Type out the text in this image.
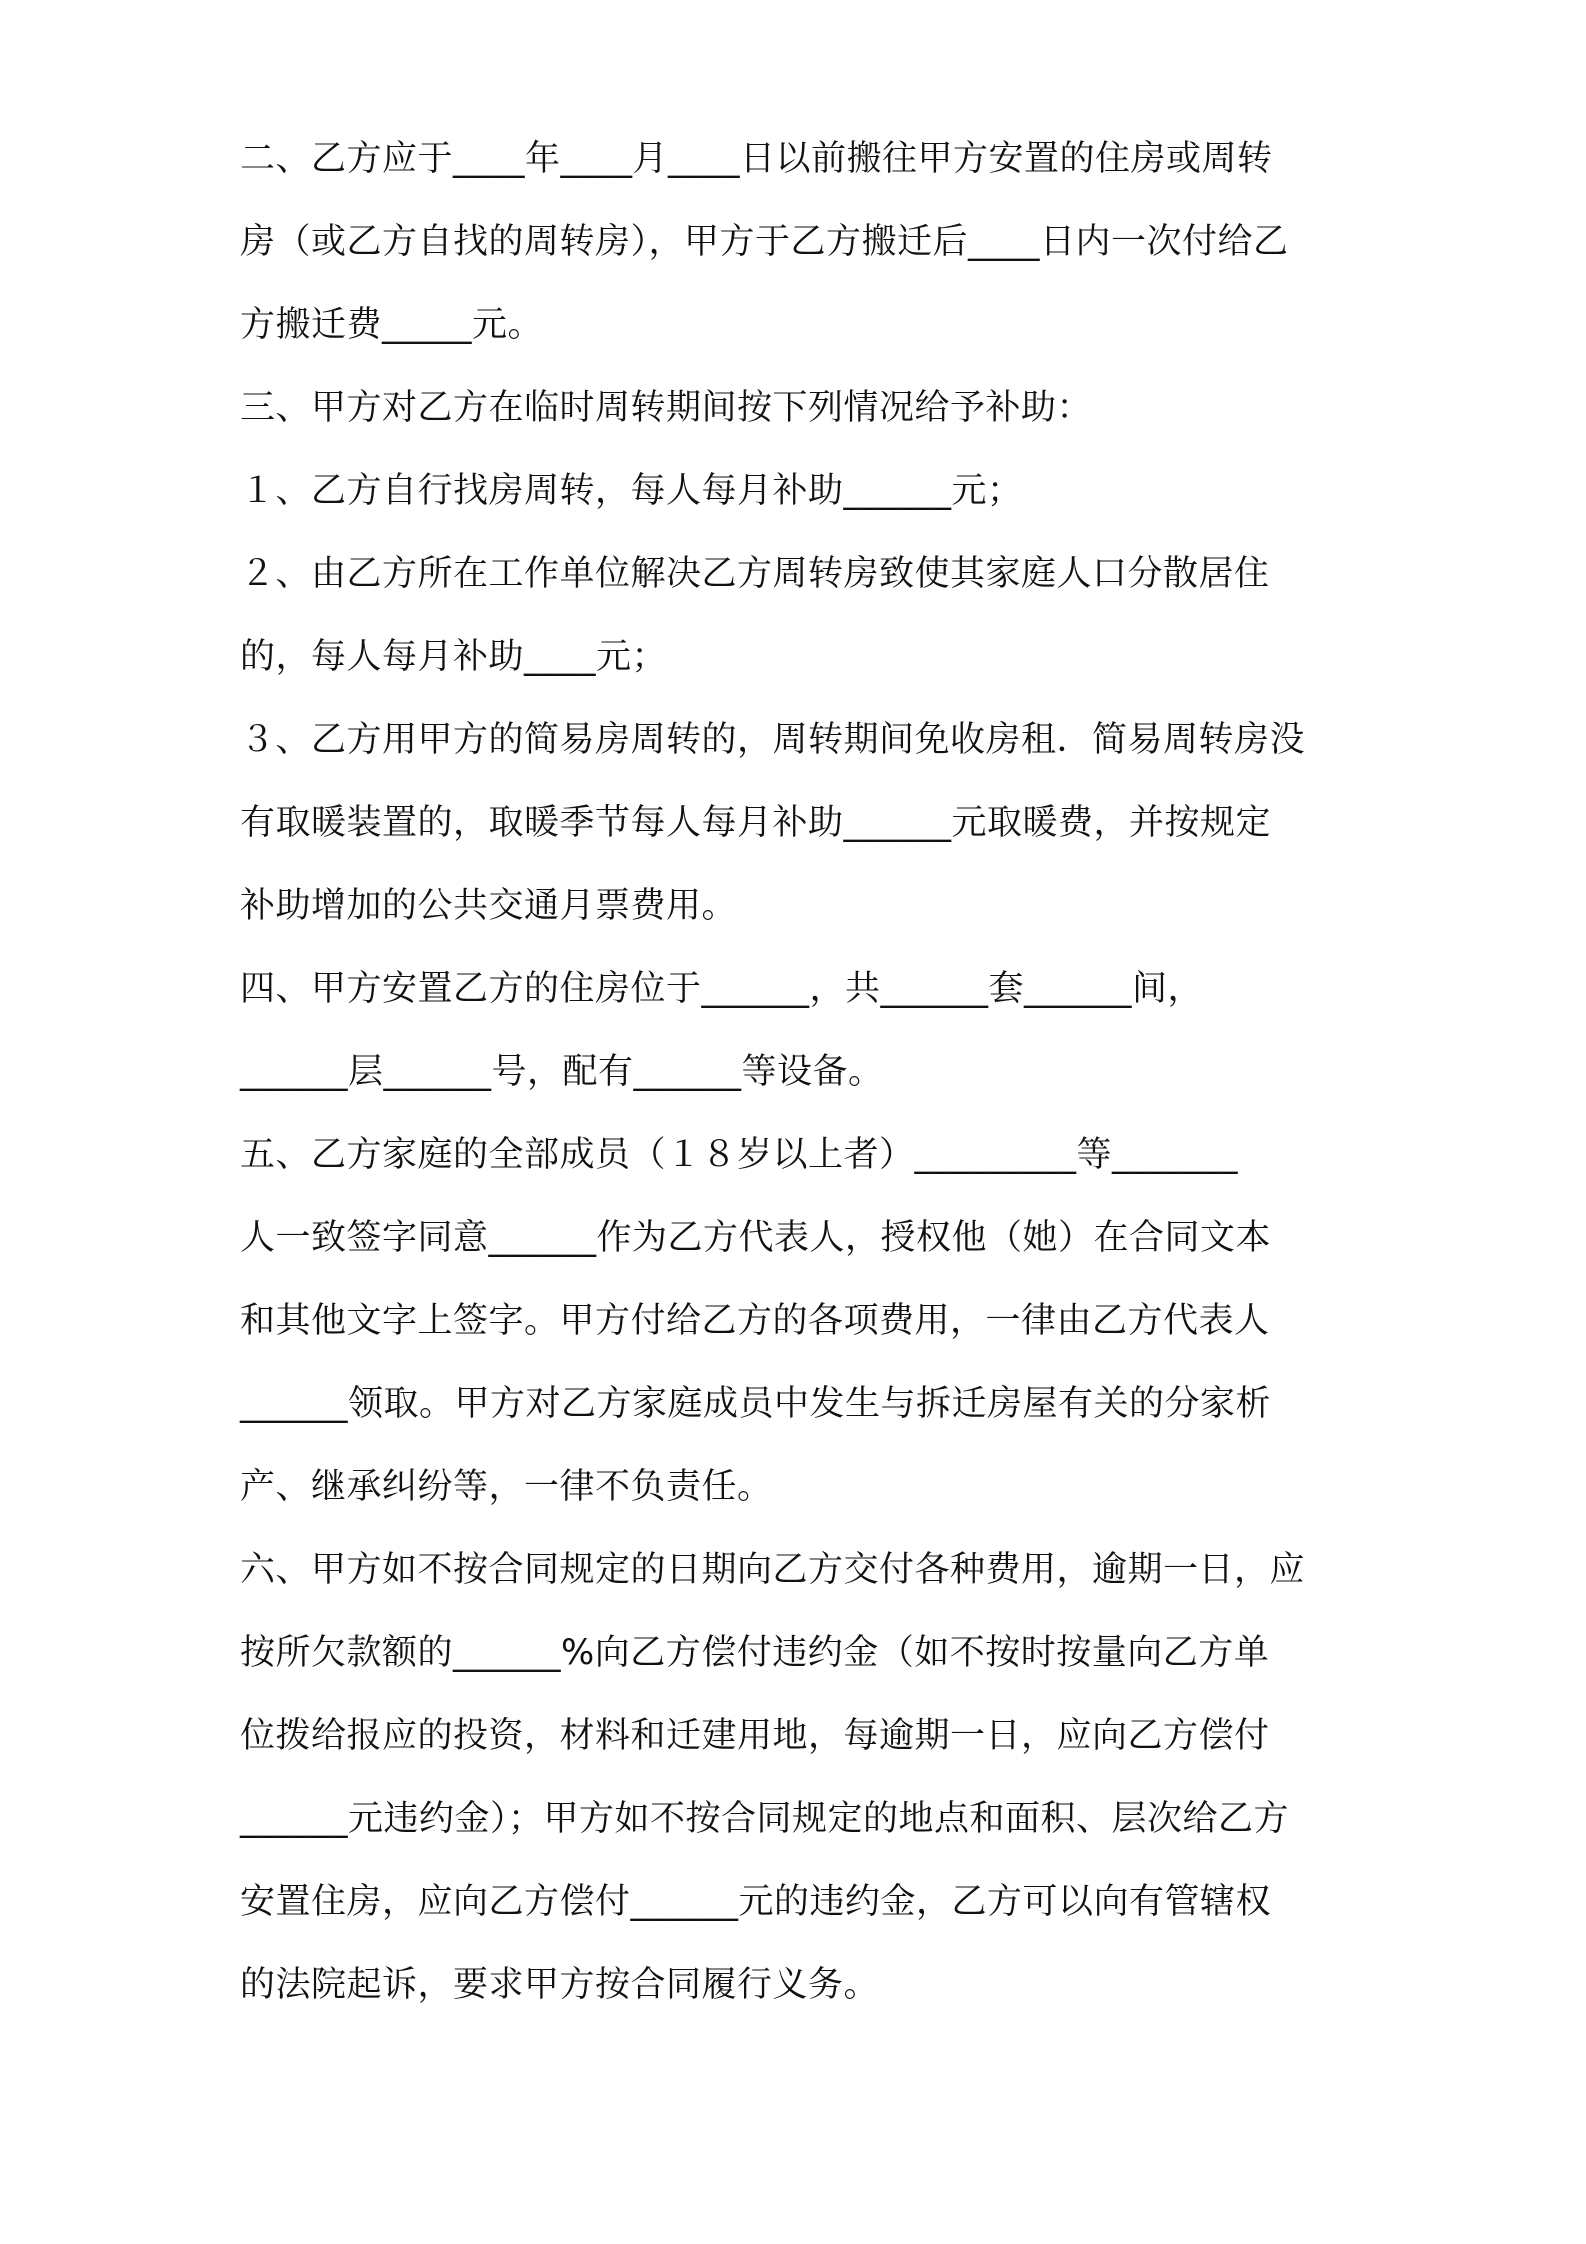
二、乙方应于____年____月____日以前搬往甲方安置的住房或周转
房（或乙方自找的周转房），甲方于乙方搬迁后____日内一次付给乙
方搬迁费_____元。
三、甲方对乙方在临时周转期间按下列情况给予补助：
１、乙方自行找房周转，每人每月补助______元；
２、由乙方所在工作单位解决乙方周转房致使其家庭人口分散居住
的，每人每月补助____元；
３、乙方用甲方的简易房周转的，周转期间免收房租．简易周转房没
有取暖装置的，取暖季节每人每月补助______元取暖费，并按规定
补助增加的公共交通月票费用。
四、甲方安置乙方的住房位于______，共______套______间，
______层______号，配有______等设备。
五、乙方家庭的全部成员（１８岁以上者）_________等_______
人一致签字同意______作为乙方代表人，授权他（她）在合同文本
和其他文字上签字。甲方付给乙方的各项费用，一律由乙方代表人
______领取。甲方对乙方家庭成员中发生与拆迁房屋有关的分家析
产、继承纠纷等，一律不负责任。
六、甲方如不按合同规定的日期向乙方交付各种费用，逾期一日，应
按所欠款额的______%向乙方偿付违约金（如不按时按量向乙方单
位拨给报应的投资，材料和迁建用地，每逾期一日，应向乙方偿付
______元违约金）；甲方如不按合同规定的地点和面积、层次给乙方
安置住房，应向乙方偿付______元的违约金，乙方可以向有管辖权
的法院起诉，要求甲方按合同履行义务。
